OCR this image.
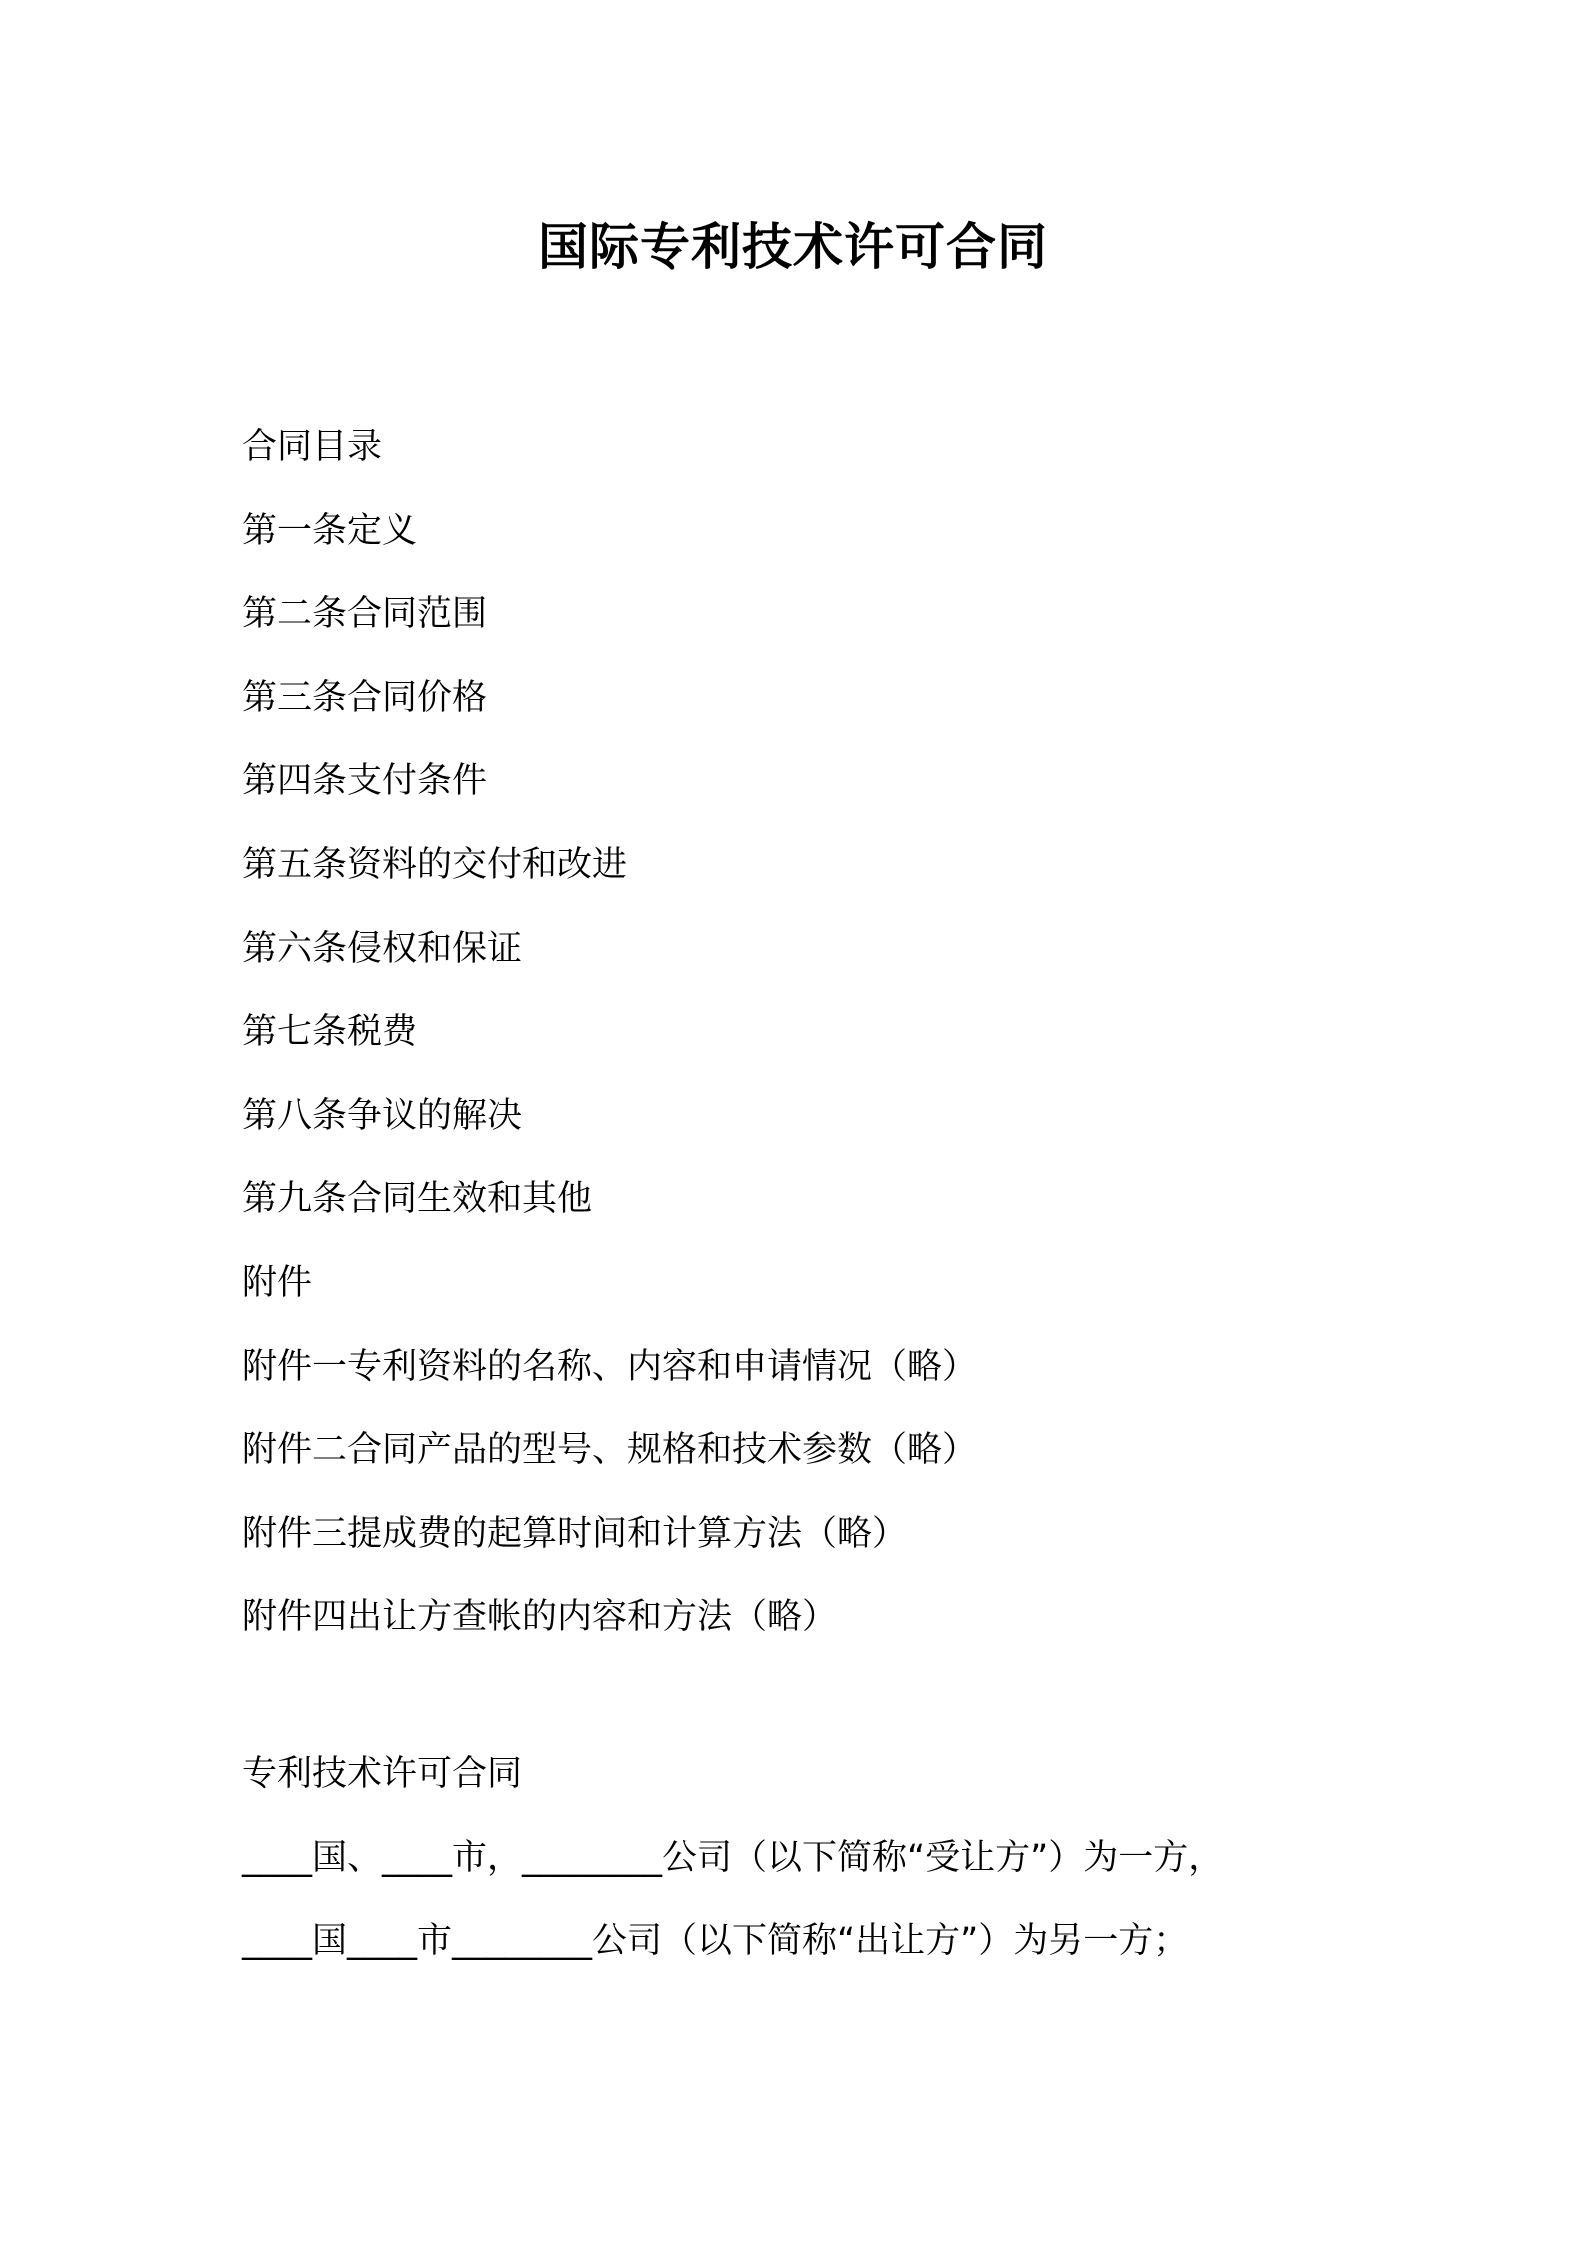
国际专利技术许可合同
合同目录
第一条定义
第二条合同范围
第三条合同价格
第四条支付条件
第五条资料的交付和改进
第六条侵权和保证
第七条税费
第八条争议的解决
第九条合同生效和其他
附件
附件一专利资料的名称、内容和申请情况（略）
附件二合同产品的型号、规格和技术参数（略）
附件三提成费的起算时间和计算方法（略）
附件四出让方查帐的内容和方法（略）
专利技术许可合同
____国、____市，________公司（以下简称“受让方”）为一方，
____国____市________公司（以下简称“出让方”）为另一方；
